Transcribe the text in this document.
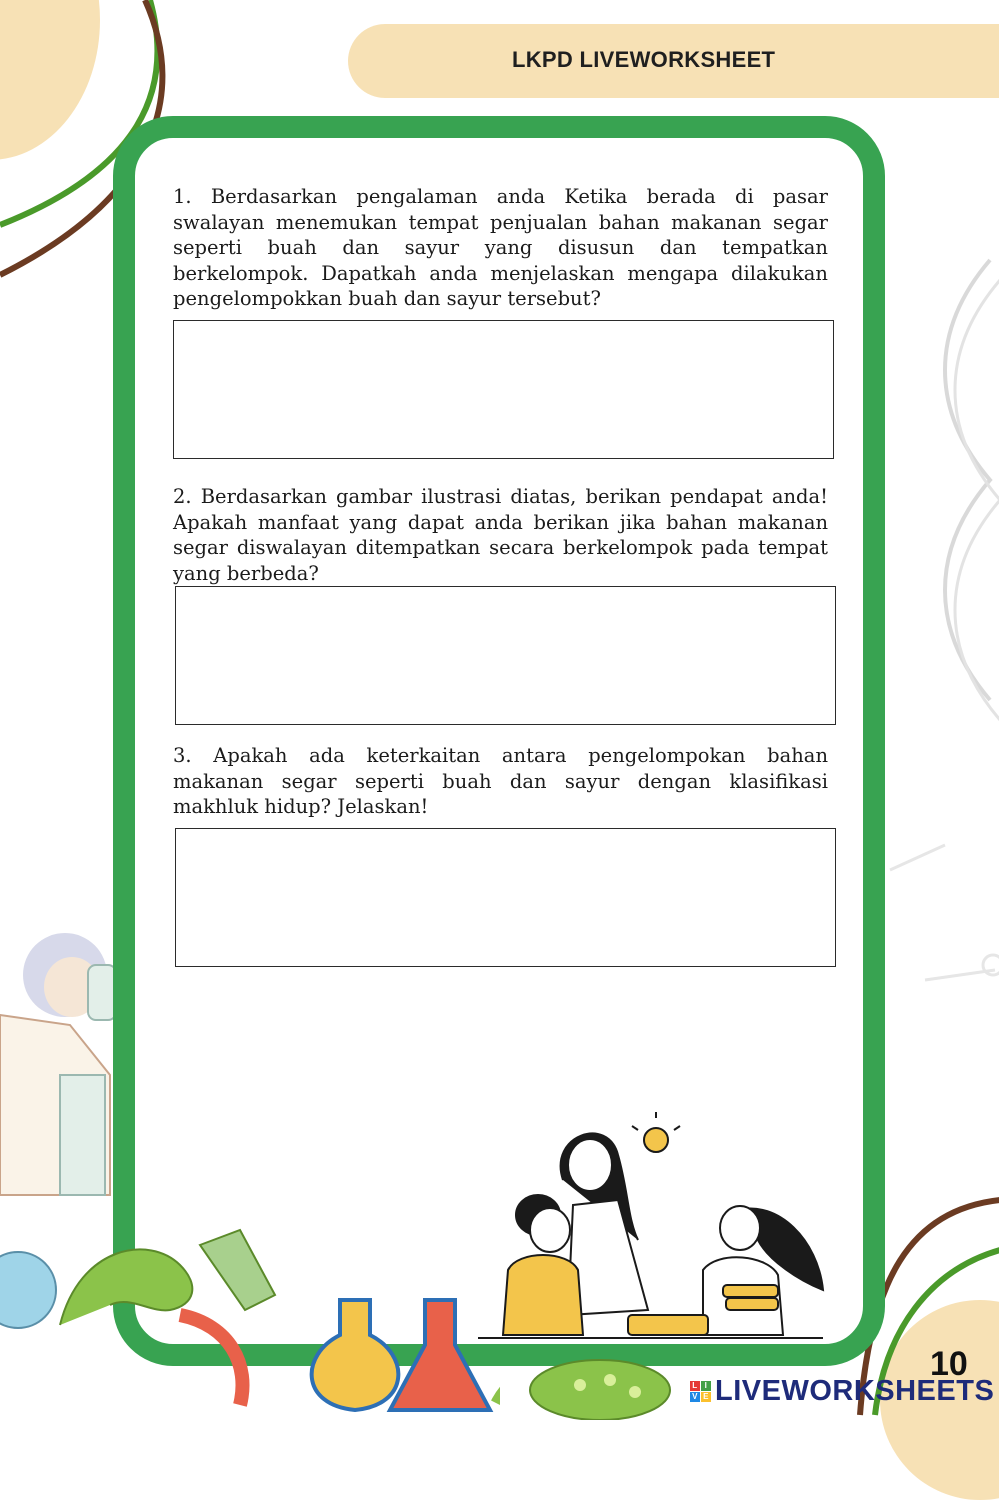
LKPD LIVEWORKSHEET
1. Berdasarkan pengalaman anda Ketika berada di pasar swalayan menemukan tempat penjualan bahan makanan segar seperti buah dan sayur yang disusun dan tempatkan berkelompok. Dapatkah anda menjelaskan mengapa dilakukan pengelompokkan buah dan sayur tersebut?
2. Berdasarkan gambar ilustrasi diatas, berikan pendapat anda! Apakah manfaat yang dapat anda berikan jika bahan makanan segar diswalayan ditempatkan secara berkelompok pada tempat yang berbeda?
3. Apakah ada keterkaitan antara pengelompokan bahan makanan segar seperti buah dan sayur dengan klasifikasi makhluk hidup? Jelaskan!
10
L I
V E LIVEWORKSHEETS
